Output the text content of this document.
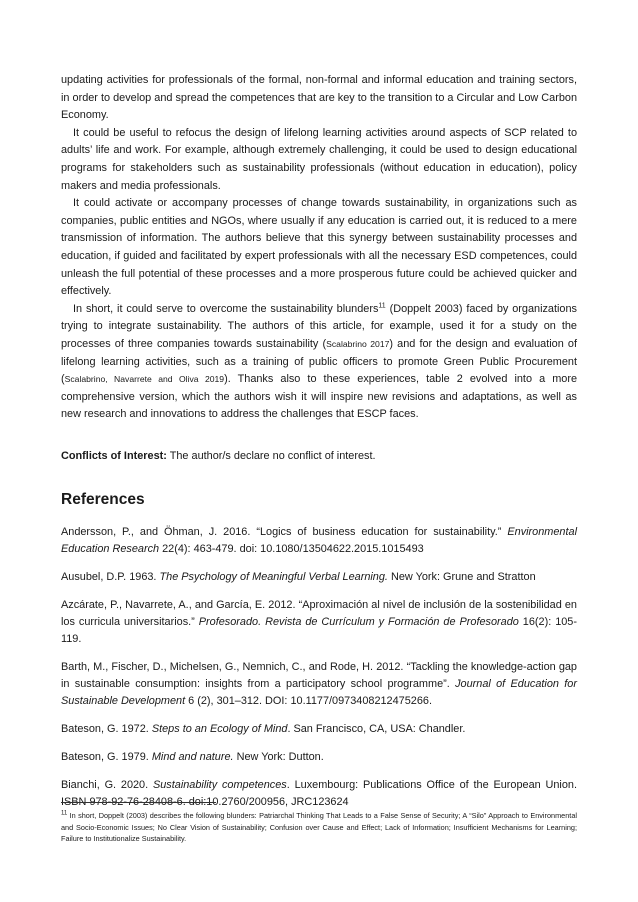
updating activities for professionals of the formal, non-formal and informal education and training sectors, in order to develop and spread the competences that are key to the transition to a Circular and Low Carbon Economy.

It could be useful to refocus the design of lifelong learning activities around aspects of SCP related to adults’ life and work. For example, although extremely challenging, it could be used to design educational programs for stakeholders such as sustainability professionals (without education in education), policy makers and media professionals.

It could activate or accompany processes of change towards sustainability, in organizations such as companies, public entities and NGOs, where usually if any education is carried out, it is reduced to a mere transmission of information. The authors believe that this synergy between sustainability processes and education, if guided and facilitated by expert professionals with all the necessary ESD competences, could unleash the full potential of these processes and a more prosperous future could be achieved quicker and effectively.

In short, it could serve to overcome the sustainability blunders$^{11}$ (Doppelt 2003) faced by organizations trying to integrate sustainability. The authors of this article, for example, used it for a study on the processes of three companies towards sustainability (Scalabrino 2017) and for the design and evaluation of lifelong learning activities, such as a training of public officers to promote Green Public Procurement (Scalabrino, Navarrete and Oliva 2019). Thanks also to these experiences, table 2 evolved into a more comprehensive version, which the authors wish it will inspire new revisions and adaptations, as well as new research and innovations to address the challenges that ESCP faces.

Conflicts of Interest: The author/s declare no conflict of interest.
References

Andersson, P., and Öhman, J. 2016. “Logics of business education for sustainability.” Environmental Education Research 22(4): 463-479. doi: 10.1080/13504622.2015.1015493

Ausubel, D.P. 1963. The Psychology of Meaningful Verbal Learning. New York: Grune and Stratton

Azcárate, P., Navarrete, A., and García, E. 2012. “Aproximación al nivel de inclusión de la sostenibilidad en los curricula universitarios.” Profesorado. Revista de Currículum y Formación de Profesorado 16(2): 105-119.

Barth, M., Fischer, D., Michelsen, G., Nemnich, C., and Rode, H. 2012. “Tackling the knowledge-action gap in sustainable consumption: insights from a participatory school programme”. Journal of Education for Sustainable Development 6 (2), 301–312. DOI: 10.1177/0973408212475266.

Bateson, G. 1972. Steps to an Ecology of Mind. San Francisco, CA, USA: Chandler.

Bateson, G. 1979. Mind and nature. New York: Dutton.

Bianchi, G. 2020. Sustainability competences. Luxembourg: Publications Office of the European Union. ISBN 978-92-76-28408-6. doi:10.2760/200956, JRC123624

$^{11}$ In short, Doppelt (2003) describes the following blunders: Patriarchal Thinking That Leads to a False Sense of Security; A “Silo” Approach to Environmental and Socio-Economic Issues; No Clear Vision of Sustainability; Confusion over Cause and Effect; Lack of Information; Insufficient Mechanisms for Learning; Failure to Institutionalize Sustainability.
